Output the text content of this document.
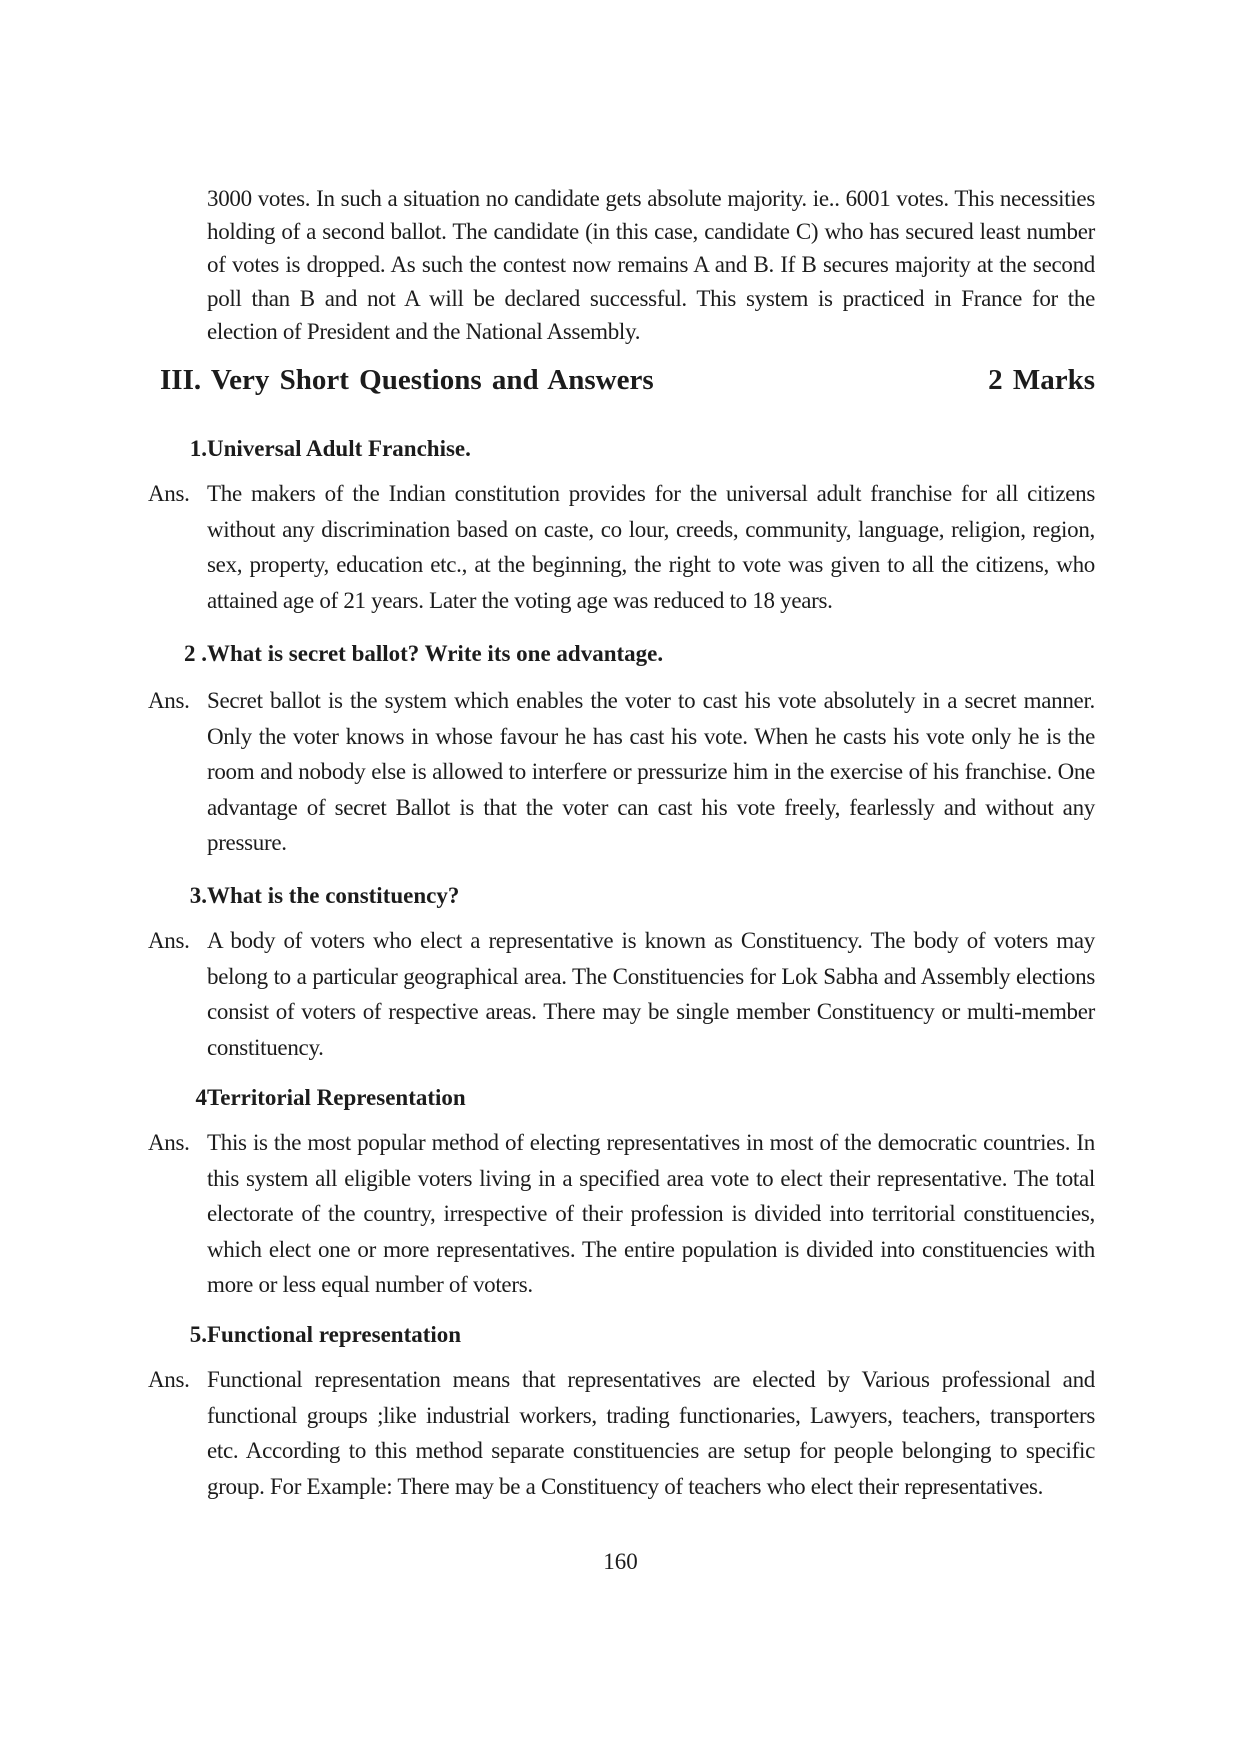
3000 votes. In such a situation no candidate gets absolute majority. ie.. 6001 votes. This necessities holding of a second ballot. The candidate (in this case, candidate C) who has secured least number of votes is dropped. As such the contest now remains A and B. If B secures majority at the second poll than B and not A will be declared successful. This system is practiced in France for the election of President and the National Assembly.
III. Very Short Questions and Answers	2 Marks
1. Universal Adult Franchise.
Ans. The makers of the Indian constitution provides for the universal adult franchise for all citizens without any discrimination based on caste, co lour, creeds, community, language, religion, region, sex, property, education etc., at the beginning, the right to vote was given to all the citizens, who attained age of 21 years. Later the voting age was reduced to 18 years.
2 . What is secret ballot? Write its one advantage.
Ans. Secret ballot is the system which enables the voter to cast his vote absolutely in a secret manner. Only the voter knows in whose favour he has cast his vote. When he casts his vote only he is the room and nobody else is allowed to interfere or pressurize him in the exercise of his franchise. One advantage of secret Ballot is that the voter can cast his vote freely, fearlessly and without any pressure.
3. What is the constituency?
Ans. A body of voters who elect a representative is known as Constituency. The body of voters may belong to a particular geographical area. The Constituencies for Lok Sabha and Assembly elections consist of voters of respective areas. There may be single member Constituency or multi-member constituency.
4 Territorial Representation
Ans. This is the most popular method of electing representatives in most of the democratic countries. In this system all eligible voters living in a specified area vote to elect their representative. The total electorate of the country, irrespective of their profession is divided into territorial constituencies, which elect one or more representatives. The entire population is divided into constituencies with more or less equal number of voters.
5. Functional representation
Ans. Functional representation means that representatives are elected by Various professional and functional groups ;like industrial workers, trading functionaries, Lawyers, teachers, transporters etc. According to this method separate constituencies are setup for people belonging to specific group. For Example: There may be a Constituency of teachers who elect their representatives.
160
